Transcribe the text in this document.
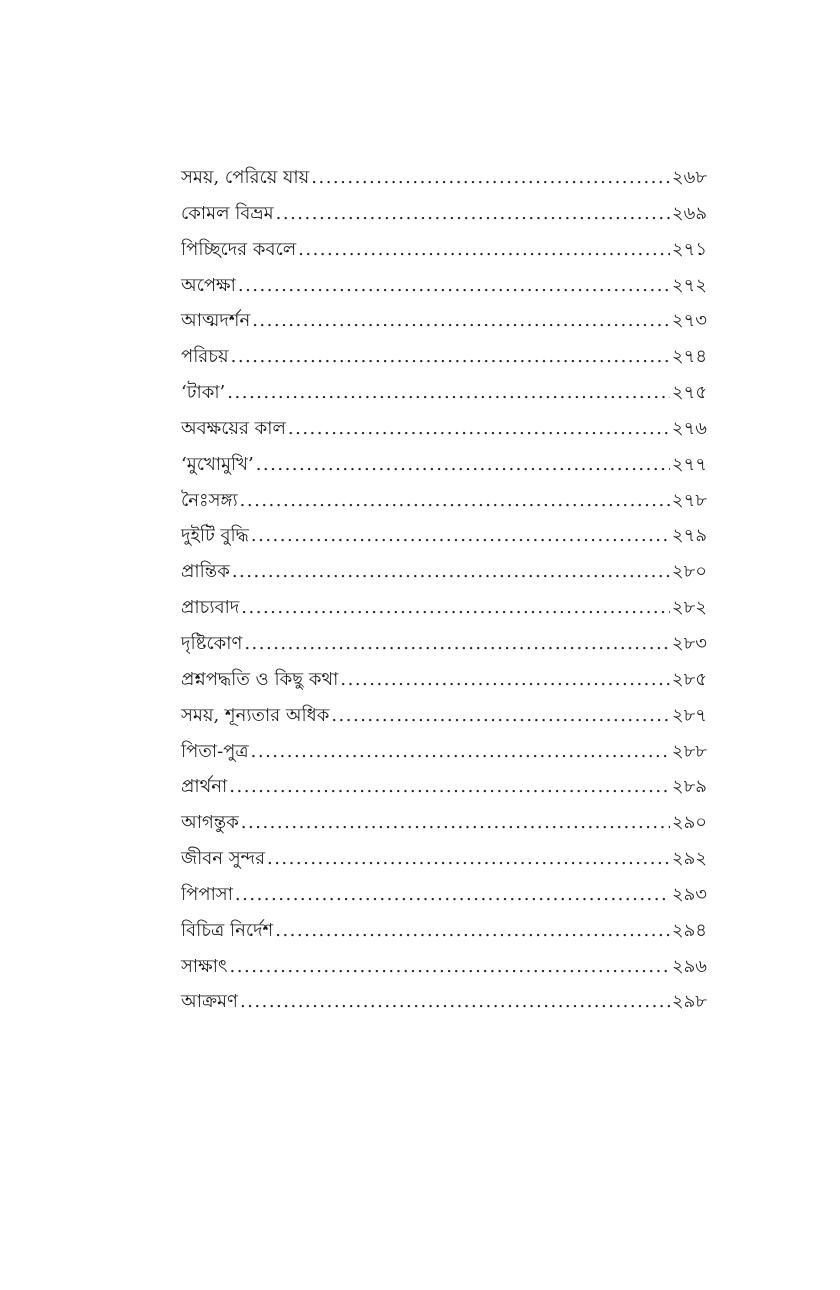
সময়, পেরিয়ে যায় .....	২৬৮
কোমল বিভ্রম .....	২৬৯
পিচ্ছিদের কবলে .....	২৭১
অপেক্ষা .....	২৭২
আত্মদর্শন .....	২৭৩
পরিচয় .....	২৭৪
‘টাকা’ .....	২৭৫
অবক্ষয়ের কাল .....	২৭৬
‘মুখোমুখি’ .....	২৭৭
নৈঃসঙ্গ্য .....	২৭৮
দুইটি বুদ্ধি .....	২৭৯
প্রান্তিক .....	২৮০
প্রাচ্যবাদ .....	২৮২
দৃষ্টিকোণ .....	২৮৩
প্রশ্নপদ্ধতি ও কিছু কথা .....	২৮৫
সময়, শূন্যতার অধিক .....	২৮৭
পিতা-পুত্র .....	২৮৮
প্রার্থনা .....	২৮৯
আগন্তুক .....	২৯০
জীবন সুন্দর .....	২৯২
পিপাসা .....	২৯৩
বিচিত্র নির্দেশ .....	২৯৪
সাক্ষাৎ .....	২৯৬
আক্রমণ .....	২৯৮
